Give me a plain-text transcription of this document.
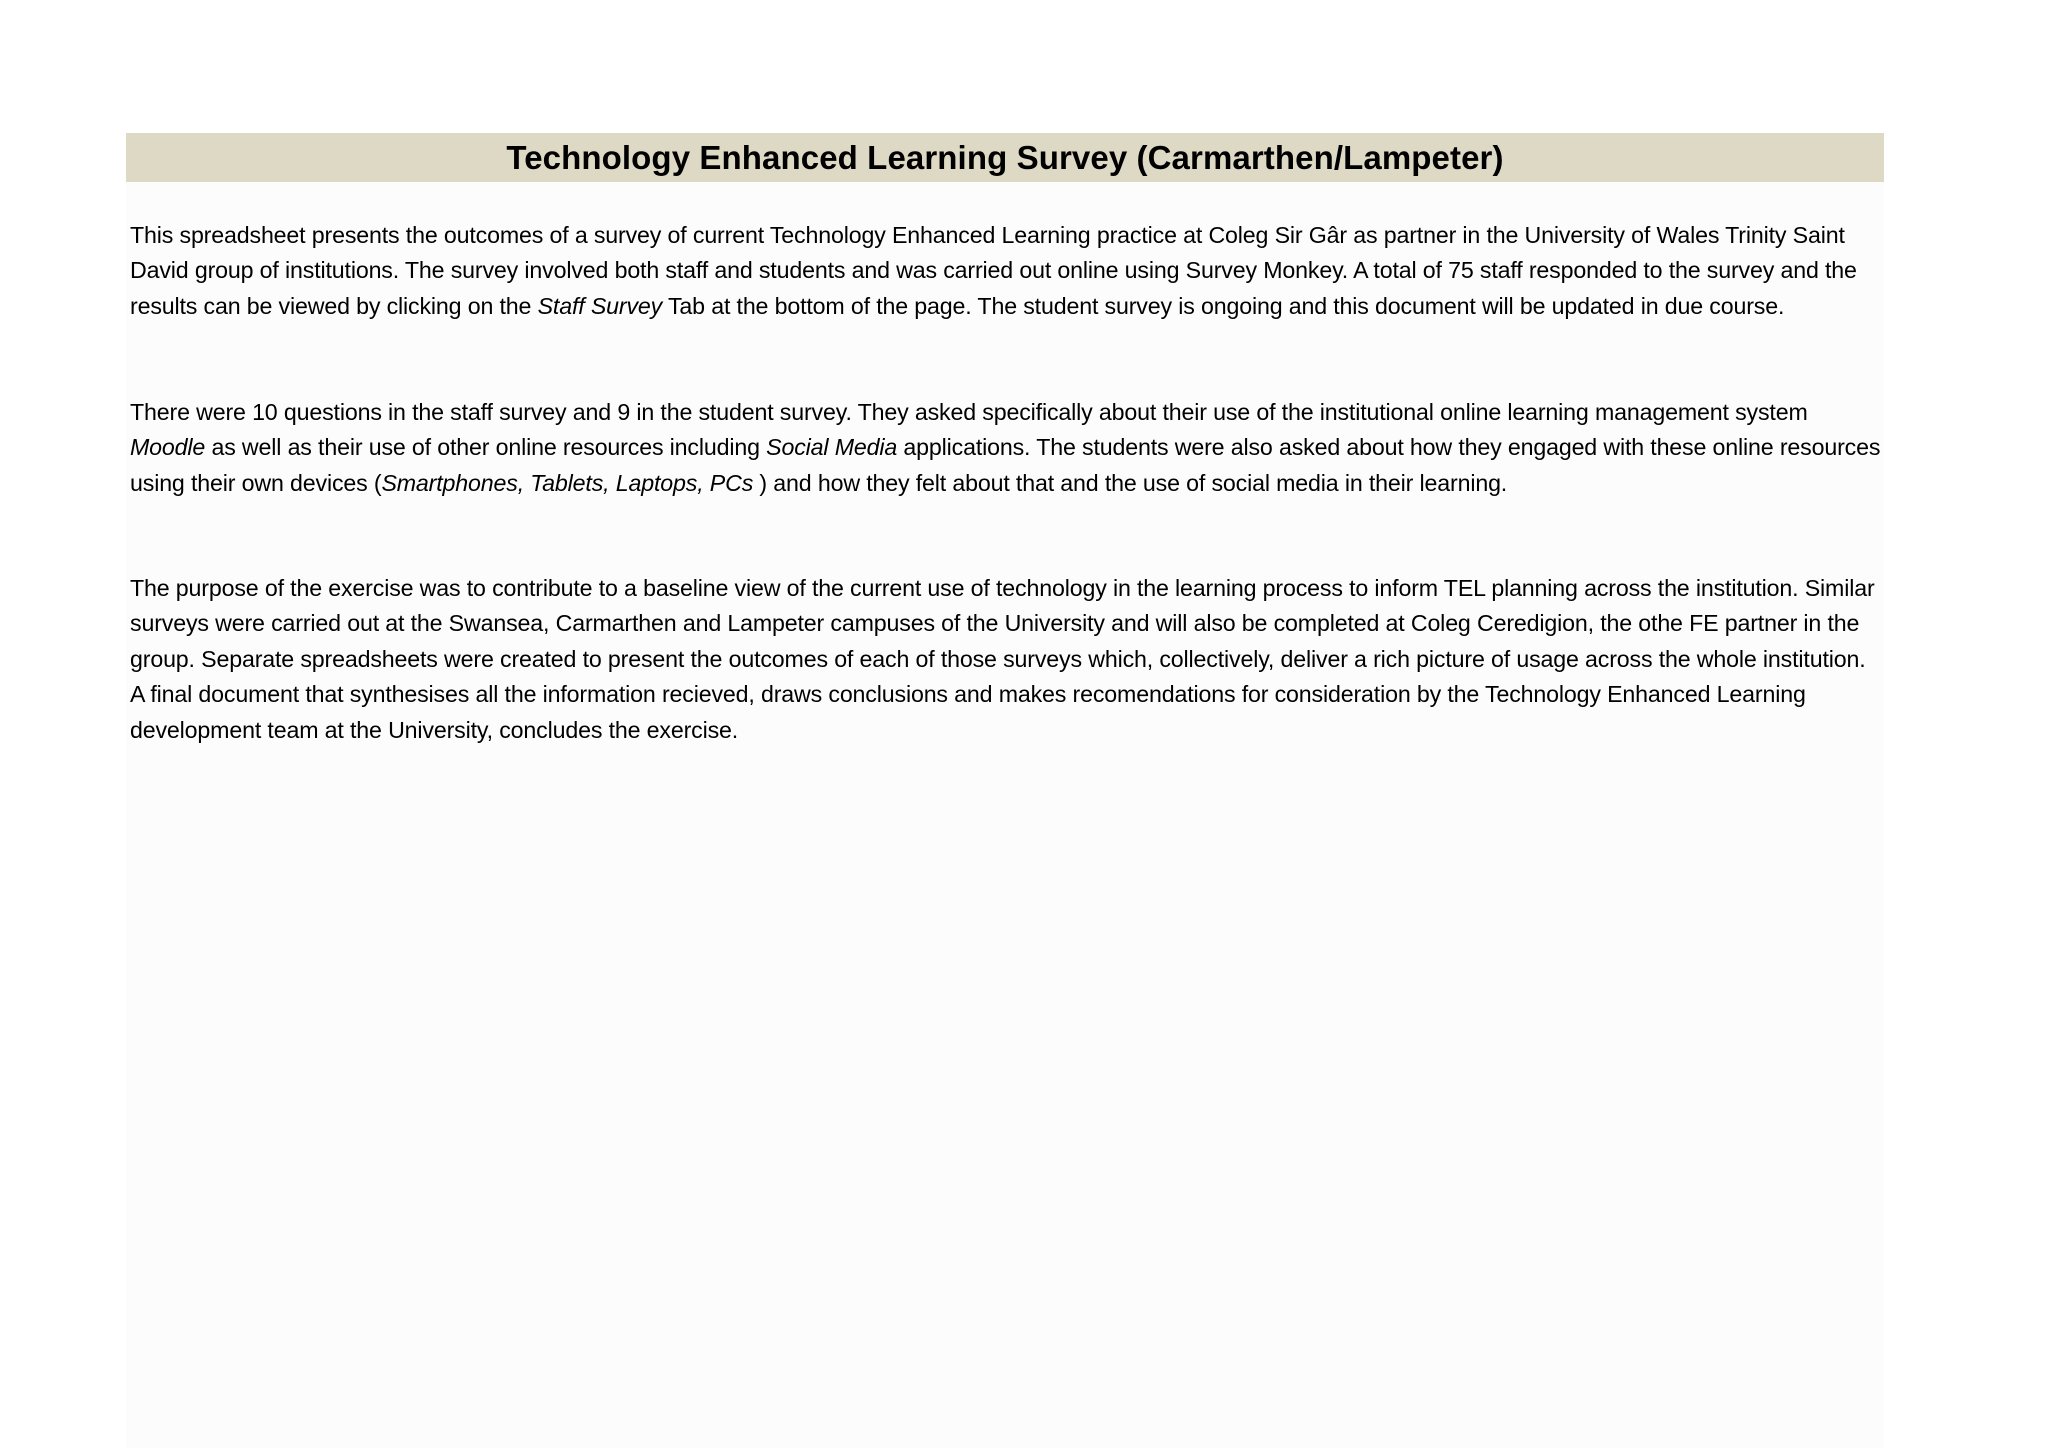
Technology Enhanced Learning Survey (Carmarthen/Lampeter)

This spreadsheet presents the outcomes of a survey of current Technology Enhanced Learning practice at Coleg Sir Gâr as partner in the University of Wales Trinity Saint David group of institutions. The survey involved both staff and students and was carried out online using Survey Monkey. A total of 75 staff responded to the survey and the results can be viewed by clicking on the Staff Survey Tab at the bottom of the page. The student survey is ongoing and this document will be updated in due course.

There were 10 questions in the staff survey and 9 in the student survey. They asked specifically about their use of the institutional online learning management system Moodle as well as their use of other online resources including Social Media applications. The students were also asked about how they engaged with these online resources using their own devices (Smartphones, Tablets, Laptops, PCs ) and how they felt about that and the use of social media in their learning.

The purpose of the exercise was to contribute to a baseline view of the current use of technology in the learning process to inform TEL planning across the institution. Similar surveys were carried out at the Swansea, Carmarthen and Lampeter campuses of the University and will also be completed at Coleg Ceredigion, the othe FE partner in the group. Separate spreadsheets were created to present the outcomes of each of those surveys which, collectively, deliver a rich picture of usage across the whole institution. A final document that synthesises all the information recieved, draws conclusions and makes recomendations for consideration by the Technology Enhanced Learning development team at the University, concludes the exercise.
